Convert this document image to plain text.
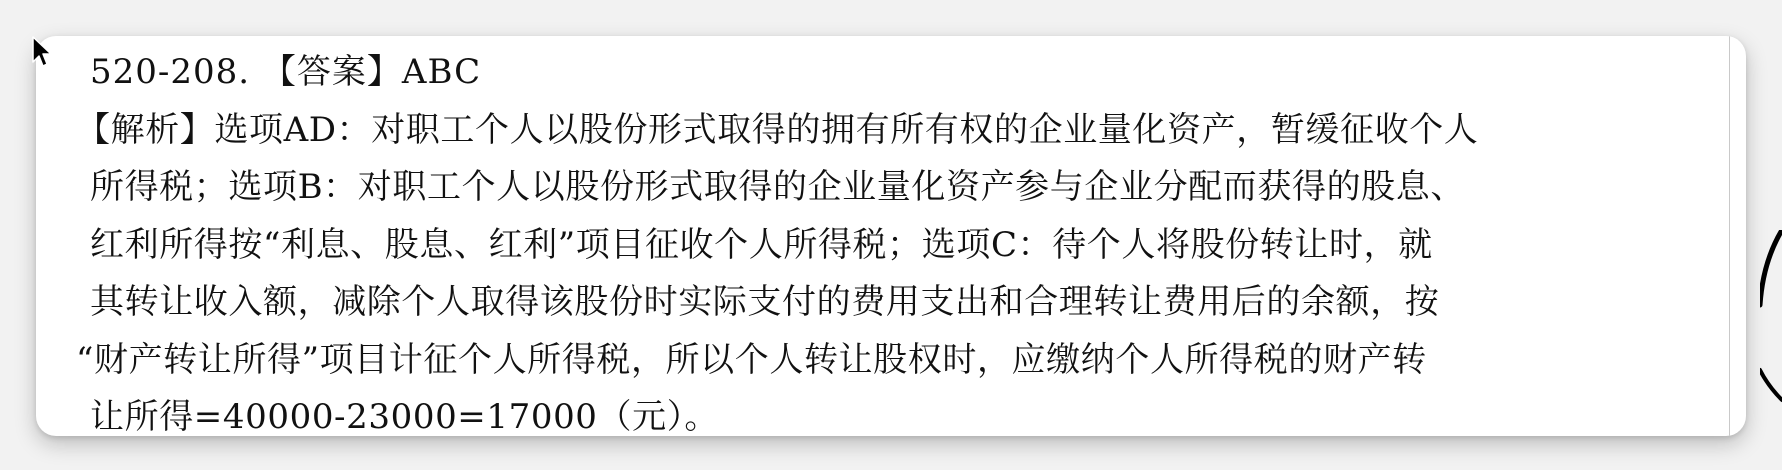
520-208. 【答案】ABC
【解析】选项AD：对职工个人以股份形式取得的拥有所有权的企业量化资产，暂缓征收个人
所得税；选项B：对职工个人以股份形式取得的企业量化资产参与企业分配而获得的股息、
红利所得按“利息、股息、红利”项目征收个人所得税；选项C：待个人将股份转让时，就
其转让收入额，减除个人取得该股份时实际支付的费用支出和合理转让费用后的余额，按
“财产转让所得”项目计征个人所得税，所以个人转让股权时，应缴纳个人所得税的财产转
让所得=40000-23000=17000（元）。
